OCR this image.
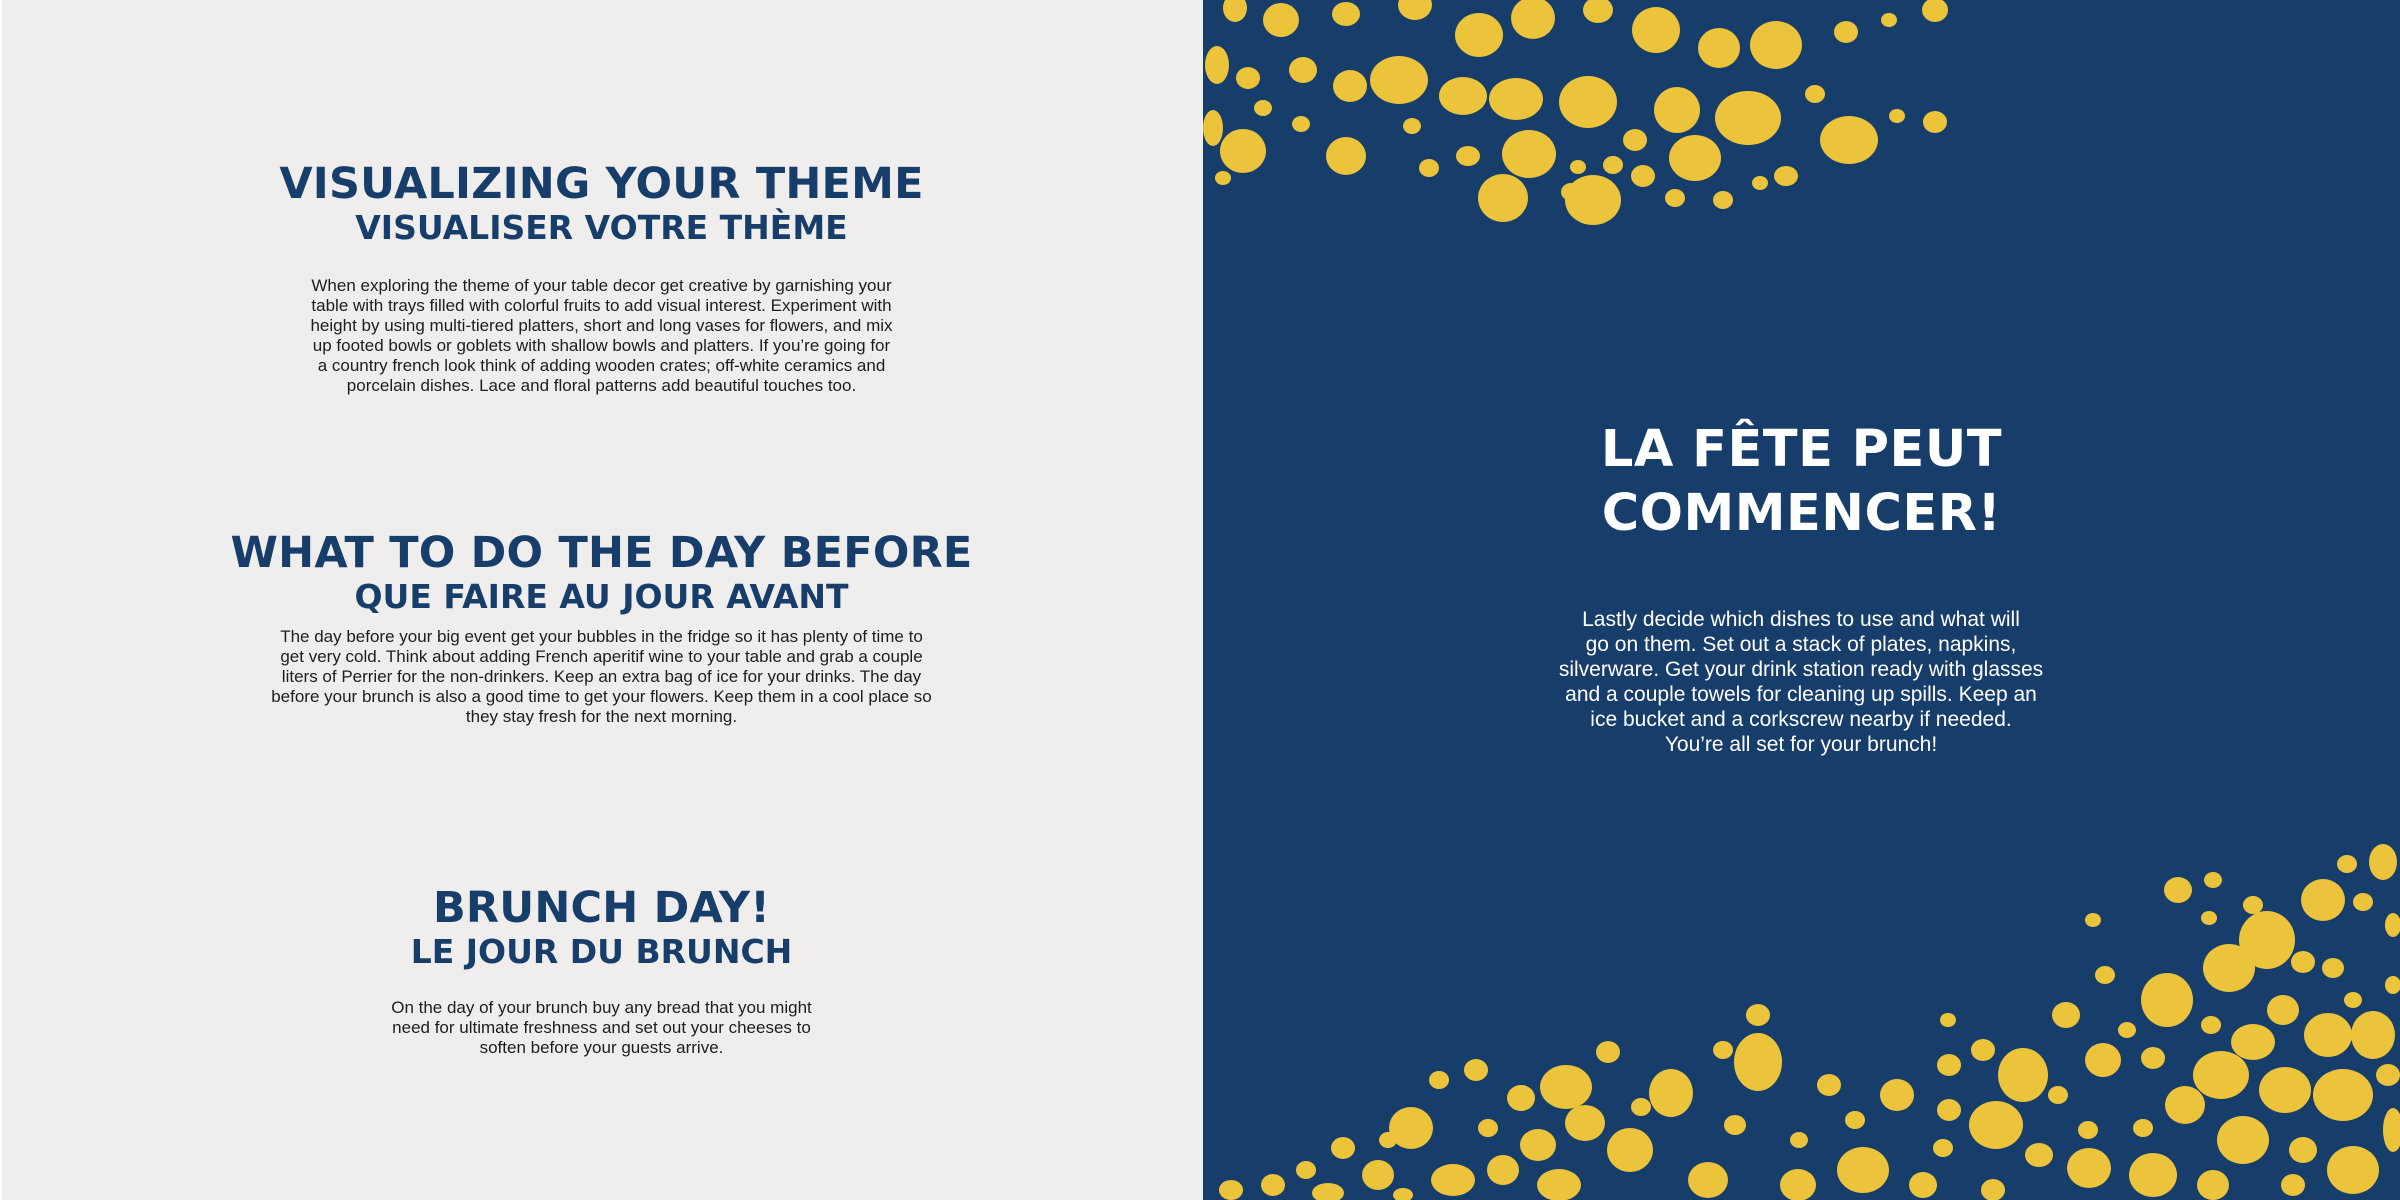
VISUALIZING YOUR THEME
VISUALISER VOTRE THÈME
When exploring the theme of your table decor get creative by garnishing your
table with trays filled with colorful fruits to add visual interest. Experiment with
height by using multi-tiered platters, short and long vases for flowers, and mix
up footed bowls or goblets with shallow bowls and platters. If you’re going for
a country french look think of adding wooden crates; off-white ceramics and
porcelain dishes. Lace and floral patterns add beautiful touches too.
WHAT TO DO THE DAY BEFORE
QUE FAIRE AU JOUR AVANT
The day before your big event get your bubbles in the fridge so it has plenty of time to
get very cold. Think about adding French aperitif wine to your table and grab a couple
liters of Perrier for the non-drinkers. Keep an extra bag of ice for your drinks. The day
before your brunch is also a good time to get your flowers. Keep them in a cool place so
they stay fresh for the next morning.
BRUNCH DAY!
LE JOUR DU BRUNCH
On the day of your brunch buy any bread that you might
need for ultimate freshness and set out your cheeses to
soften before your guests arrive.
LA FÊTE PEUT
COMMENCER!
Lastly decide which dishes to use and what will
go on them. Set out a stack of plates, napkins,
silverware. Get your drink station ready with glasses
and a couple towels for cleaning up spills. Keep an
ice bucket and a corkscrew nearby if needed.
You’re all set for your brunch!
